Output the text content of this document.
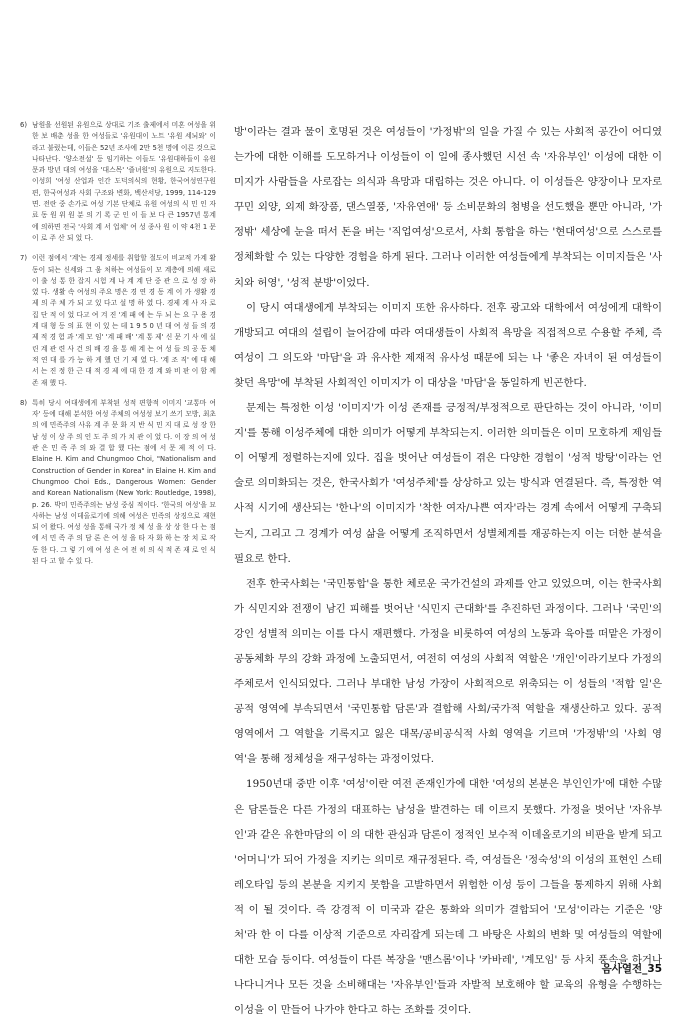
6) 남원을 선원된 유원으로 상대로 기조 출제에서 미혼 여성을 위한 보 배춘 성을 한 여성들로 '유원대이 노트 '유원 세뇌와' 이라고 불렀는데, 이들은 52년 조사에 2만 5천 명에 이른 것으로 나타난다. '양소전설' 등 임기하는 이들도 '유원대하들이 유원 문과 방년 대의 여성을 '대스목' '즐녀원'의 유원으로 지도한다. 이성희 '여성 산업과 인간 도덕의식의 현황, 한국여성연구원 편, 한국여성과 사회 구조와 변화, 백산서당, 1999, 114-129면. 전란 중 손가로 여성 기본 단체로 유원 여성의 식 민 인 자료 동 원 위 원 분 의 기 록 군 인 이 들 보 다 큰 1957년 통계에 의하면 전국 '사회 계 서 업체' 여 성 종사 원 이 약 4천 1 문 이 로 주 산 되 었 다.

7) 이런 점에서 '계'는 경제 정세를 취합할 절도이 비교적 가계 활동이 되는 신세와 그 움 처하는 여성들이 모 계층에 의해 새로이 출 성 통 한 잡지 시험 계 나 계 계 단 중 관 으 로 성 장 하 였 다. 생활 속 여성의 주요 명은 경 연 경 동 계 이 가 생활 경 제 의 주 체 가 되 고 있 다고 설 명 하 였 다. 경제 계 사 자 로 집 단 적 이 었 다고 여 겨 진 '계 패 에 는 두 뇌 는 요 구 용 경 계 대 형 등 의 표 현 이 있 는 데 1 9 5 0 년 대 여 성 들 의 경 제 적 경 험 과 '계 모 임' '계 패 배' '계 통 제' 신 문 기 사 에 실 린 계 관 련 사 건 의 배 경 을 통 해 계 는 여 성 들 의 공 동 체 적 연 대 를 가 능 하 게 했 던 기 제 였 다. '계 조 직' 에 대 해 서 는 진 정 한 근 대 적 경 제 에 대 한 경 계 와 비 판 이 함 께 존 재 했 다.

8) 특히 당시 여대생에게 부착된 성적 편향적 이미지 '교통마 여자' 등에 대해 분석한 여성 주체의 여성성 보기 쓰기 모방, 최초의 에 민족주의 사유 계 주 문 화 지 반 식 민 지 대 로 성 장 한 남 성 이 상 주 의 인 도 주 의 가 치 관 이 었 다. 이 장 의 여 성 관 은 민 족 주 의 와 결 합 했 다는 점에 서 문 제 적 이 다. Elaine H. Kim and Chungmoo Choi, "Nationalism and Construction of Gender in Korea" in Elaine H. Kim and Chungmoo Choi Eds., Dangerous Women: Gender and Korean Nationalism (New York: Routledge, 1998), p. 26. 박미 민족주의는 남성 중심 적이다. '한국의 여성'을 묘사하는 남성 이데올로기에 의해 여성은 민족의 상징으로 재현되 어 왔다. 여성 성을 통해 국가 정 체 성 을 상 상 한 다 는 점 에 서 민 족 주 의 담 론 은 여 성 을 타 자 화 하 는 장 치 로 작 동 한 다. 그 렇 기 에 여 성 은 여 전 히 의 식 적 존 재 로 인 식 된 다 고 할 수 있 다.

방'이라는 결과 물이 호명된 것은 여성들이 '가정밖'의 일을 가질 수 있는 사회적 공간이 어디였는가에 대한 이해를 도모하거나 이성들이 이 일에 종사했던 시선 속 '자유부인' 이성에 대한 이미지가 사람들을 사로잡는 의식과 욕망과 대립하는 것은 아니다. 이 이성들은 양장이나 모자로 꾸민 외양, 외제 화장품, 댄스열풍, '자유연애' 등 소비문화의 첨병을 선도했을 뿐만 아니라, '가정밖' 세상에 눈을 떠서 돈을 버는 '직업여성'으로서, 사회 통합을 하는 '현대여성'으로 스스로를 정체화할 수 있는 다양한 경험을 하게 된다. 그러나 이러한 여성들에게 부착되는 이미지들은 '사치와 허영', '성적 분방'이었다.

이 당시 여대생에게 부착되는 이미지 또한 유사하다. 전후 광고와 대학에서 여성에게 대학이 개방되고 여대의 설립이 늘어감에 따라 여대생들이 사회적 욕망을 직접적으로 수용할 주체, 즉 여성이 그 의도와 '마담'을 과 유사한 제재적 유사성 때문에 되는 나 '좋은 자녀이 된 여성들이 찾던 욕망'에 부착된 사회적인 이미지가 이 대상을 '마담'을 동일하게 빈곤한다.

문제는 특정한 이성 '이미지'가 이성 존재를 긍정적/부정적으로 판단하는 것이 아니라, '이미지'를 통해 이성주체에 대한 의미가 어떻게 부착되는지. 이러한 의미들은 이미 모호하게 제임들이 어떻게 정렬하는지에 있다. 집을 벗어난 여성들이 겪은 다양한 경험이 '성적 방탕'이라는 언술로 의미화되는 것은, 한국사회가 '여성주체'를 상상하고 있는 방식과 연결된다. 즉, 특정한 역사적 시기에 생산되는 '한나'의 이미지가 '착한 여자/나쁜 여자'라는 경계 속에서 어떻게 구축되는지, 그리고 그 경계가 여성 삶을 어떻게 조직하면서 성별체계를 재공하는지 이는 더한 분석을 필요로 한다.

전후 한국사회는 '국민통합'을 통한 체로운 국가건설의 과제를 안고 있었으며, 이는 한국사회가 식민지와 전쟁이 남긴 피해를 벗어난 '식민지 근대화'를 추진하던 과정이다. 그러나 '국민'의 강인 성별적 의미는 이를 다시 재편했다. 가정을 비롯하여 여성의 노동과 육아를 떠맡은 가정이 공동체화 무의 강화 과정에 노출되면서, 여전히 여성의 사회적 역할은 '개인'이라기보다 가정의 주체로서 인식되었다. 그러나 부대한 남성 가장이 사회적으로 위축되는 이 성들의 '적합 일'은 공적 영역에 부속되면서 '국민통합 담론'과 결합해 사회/국가적 역할을 재생산하고 있다. 공적 영역에서 그 역할을 기록지고 잃은 대목/공비공식적 사회 영역을 기르며 '가정밖'의 '사회 영역'을 통해 정체성을 재구성하는 과정이었다.

1950년대 중반 이후 '여성'이란 여전 존재인가에 대한 '여성의 본분은 부인인가'에 대한 수많은 담론들은 다른 가정의 대표하는 남성을 발견하는 데 이르지 못했다. 가정을 벗어난 '자유부인'과 같은 유한마담의 이 의 대한 관심과 담론이 정적인 보수적 이데올로기의 비판을 받게 되고 '어머니'가 되어 가정을 지키는 의미로 재규정된다. 즉, 여성들은 '정숙성'의 이성의 표현인 스테레오타입 등의 본분을 지키지 못함을 고발하면서 위험한 이성 등이 그들을 통제하지 위해 사회적 이 될 것이다. 즉 강경적 이 미국과 같은 통화와 의미가 결합되어 '모성'이라는 기준은 '양처'라 한 이 다를 이상적 기준으로 자리잡게 되는데 그 바탕은 사회의 변화 및 여성들의 역할에 대한 모습 등이다. 여성들이 다른 복장을 '맨스롬'이나 '카바레', '계모임' 등 사치 풍속을 하거나 나다니거나 모든 것을 소비해대는 '자유부인'들과 자발적 보호해야 할 교육의 유형을 수행하는 이성을 이 만들어 나가야 한다고 하는 조화를 것이다.

음사열전_35
